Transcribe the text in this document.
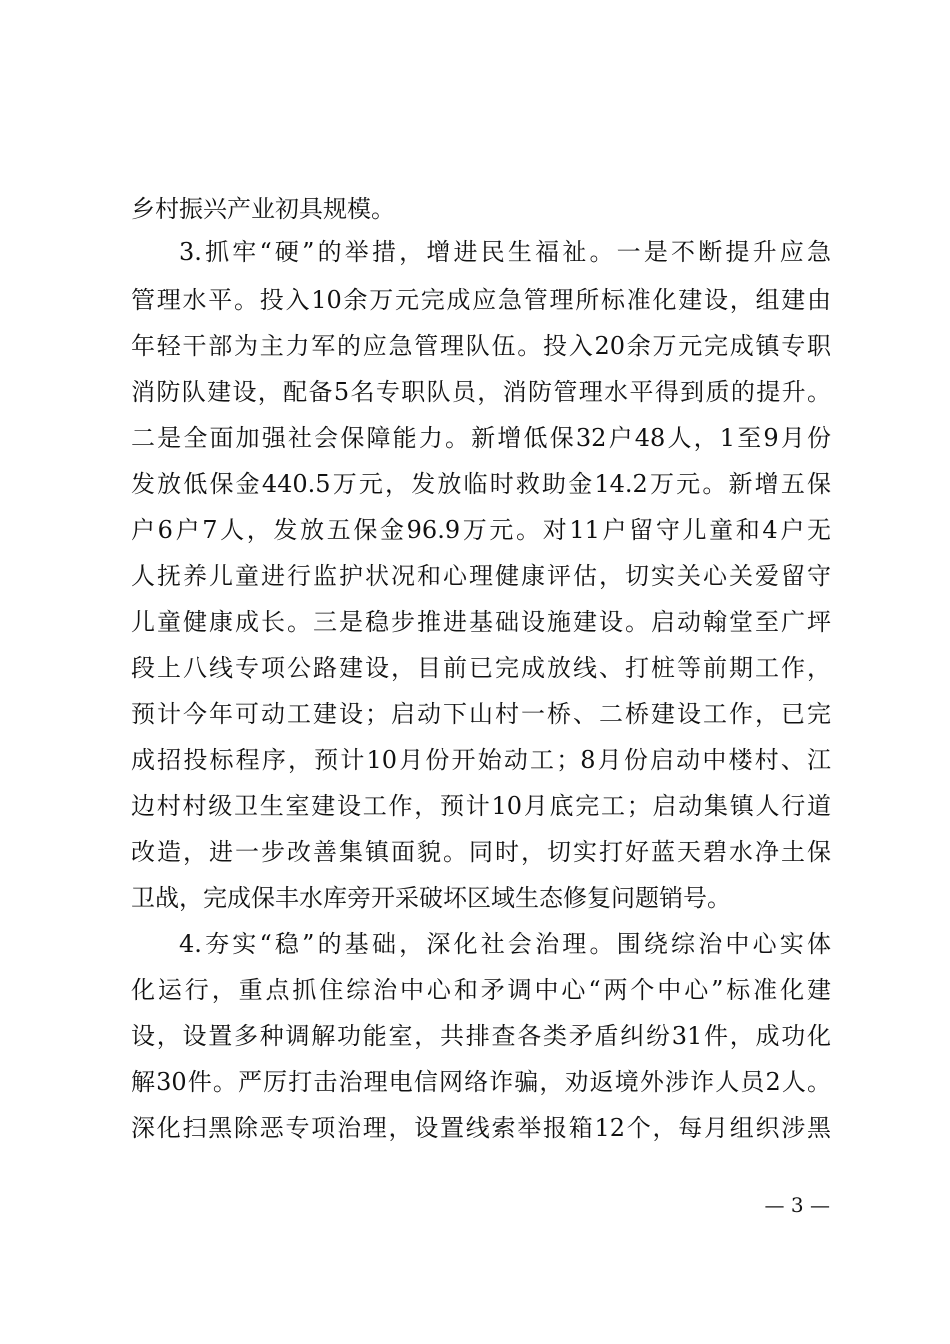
乡村振兴产业初具规模。
3.抓牢“硬”的举措，增进民生福祉。一是不断提升应急
管理水平。投入10余万元完成应急管理所标准化建设，组建由
年轻干部为主力军的应急管理队伍。投入20余万元完成镇专职
消防队建设，配备5名专职队员，消防管理水平得到质的提升。
二是全面加强社会保障能力。新增低保32户48人，1至9月份
发放低保金440.5万元，发放临时救助金14.2万元。新增五保
户6户7人，发放五保金96.9万元。对11户留守儿童和4户无
人抚养儿童进行监护状况和心理健康评估，切实关心关爱留守
儿童健康成长。三是稳步推进基础设施建设。启动翰堂至广坪
段上八线专项公路建设，目前已完成放线、打桩等前期工作，
预计今年可动工建设；启动下山村一桥、二桥建设工作，已完
成招投标程序，预计10月份开始动工；8月份启动中楼村、江
边村村级卫生室建设工作，预计10月底完工；启动集镇人行道
改造，进一步改善集镇面貌。同时，切实打好蓝天碧水净土保
卫战，完成保丰水库旁开采破坏区域生态修复问题销号。
4.夯实“稳”的基础，深化社会治理。围绕综治中心实体
化运行，重点抓住综治中心和矛调中心“两个中心”标准化建
设，设置多种调解功能室，共排查各类矛盾纠纷31件，成功化
解30件。严厉打击治理电信网络诈骗，劝返境外涉诈人员2人。
深化扫黑除恶专项治理，设置线索举报箱12个，每月组织涉黑
— 3 —
